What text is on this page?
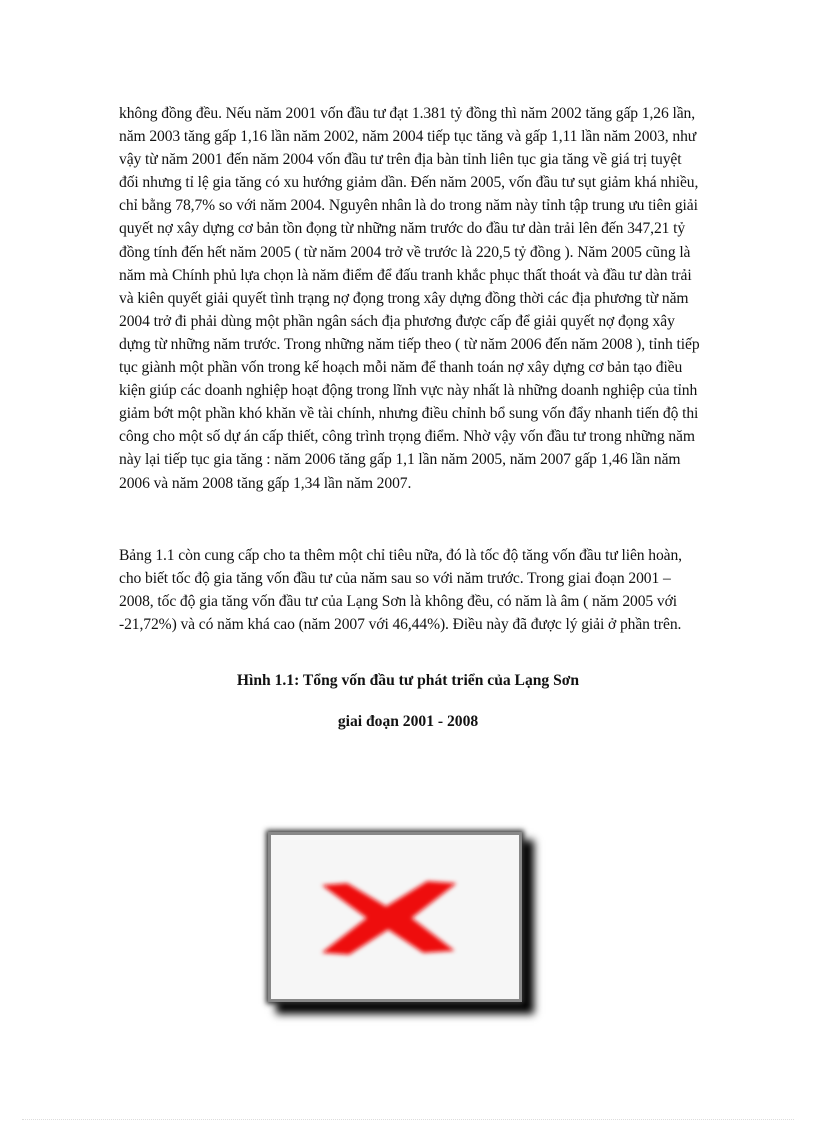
không đồng đều. Nếu năm 2001 vốn đầu tư đạt 1.381 tỷ đồng thì năm 2002 tăng gấp 1,26 lần, năm 2003 tăng gấp 1,16 lần năm 2002, năm 2004 tiếp tục tăng và gấp 1,11 lần năm 2003, như vậy từ năm 2001 đến năm 2004 vốn đầu tư trên địa bàn tỉnh liên tục gia tăng về giá trị tuyệt đối nhưng tỉ lệ gia tăng có xu hướng giảm dần. Đến năm 2005, vốn đầu tư sụt giảm khá nhiều, chỉ bằng 78,7% so với năm 2004. Nguyên nhân là do trong năm này tỉnh tập trung ưu tiên giải quyết nợ xây dựng cơ bản tồn đọng từ những năm trước do đầu tư dàn trải lên đến 347,21 tỷ đồng tính đến hết năm 2005 ( từ năm 2004 trở về trước là 220,5 tỷ đồng ). Năm 2005 cũng là năm mà Chính phủ lựa chọn là năm điểm để đấu tranh khắc phục thất thoát và đầu tư dàn trải và kiên quyết giải quyết tình trạng nợ đọng trong xây dựng đồng thời các địa phương từ năm 2004 trở đi phải dùng một phần ngân sách địa phương được cấp để giải quyết nợ đọng xây dựng từ những năm trước. Trong những năm tiếp theo ( từ năm 2006 đến năm 2008 ), tỉnh tiếp tục giành một phần vốn trong kế hoạch mỗi năm để thanh toán nợ xây dựng cơ bản tạo điều kiện giúp các doanh nghiệp hoạt động trong lĩnh vực này nhất là những doanh nghiệp của tỉnh giảm bớt một phần khó khăn về tài chính, nhưng điều chỉnh bổ sung vốn đẩy nhanh tiến độ thi công cho một số dự án cấp thiết, công trình trọng điểm. Nhờ vậy vốn đầu tư trong những năm này lại tiếp tục gia tăng : năm 2006 tăng gấp 1,1 lần năm 2005, năm 2007 gấp 1,46 lần năm 2006 và năm 2008 tăng gấp 1,34 lần năm 2007.

Bảng 1.1 còn cung cấp cho ta thêm một chỉ tiêu nữa, đó là tốc độ tăng vốn đầu tư liên hoàn, cho biết tốc độ gia tăng vốn đầu tư của năm sau so với năm trước. Trong giai đoạn 2001 – 2008, tốc độ gia tăng vốn đầu tư của Lạng Sơn là không đều, có năm là âm ( năm 2005 với -21,72%) và có năm khá cao (năm 2007 với 46,44%). Điều này đã được lý giải ở phần trên.

Hình 1.1: Tổng vốn đầu tư phát triển của Lạng Sơn

giai đoạn 2001 - 2008
